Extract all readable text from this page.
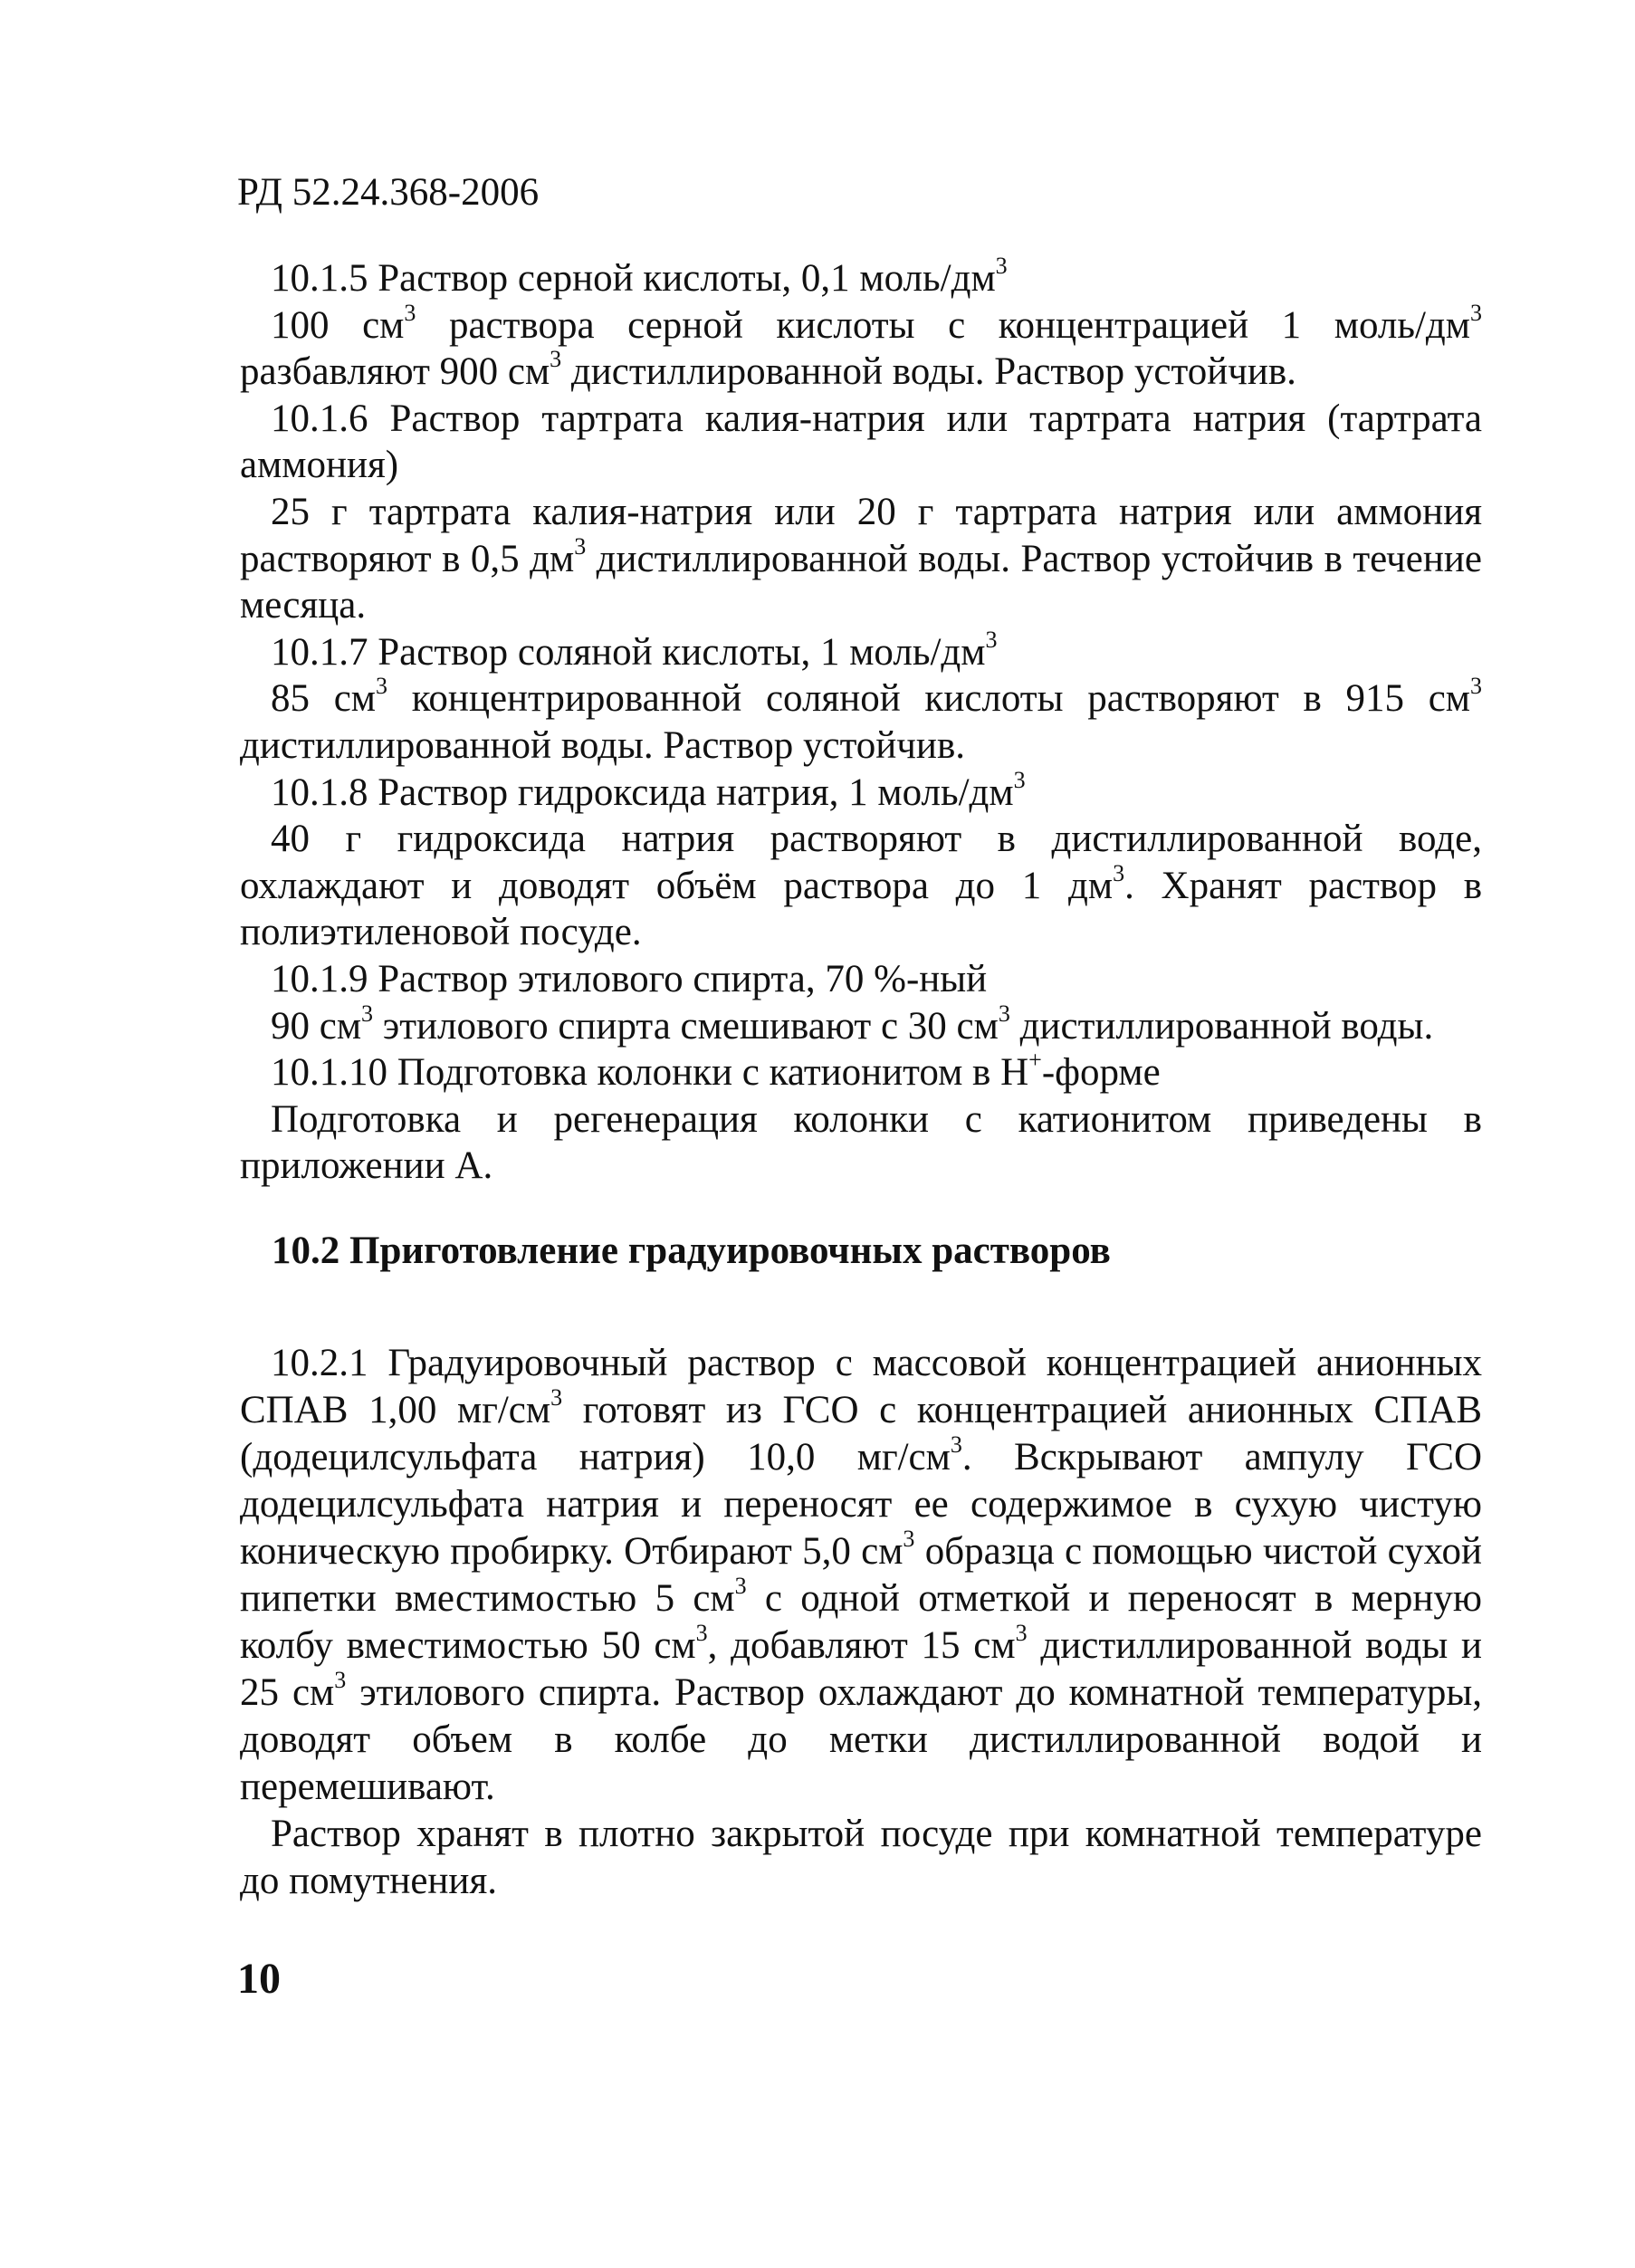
РД 52.24.368-2006

10.1.5 Раствор серной кислоты, 0,1 моль/$дм^3$

100 $см^3$ раствора серной кислоты с концентрацией 1 моль/$дм^3$ разбавляют 900 $см^3$ дистиллированной воды. Раствор устойчив.

10.1.6 Раствор тартрата калия-натрия или тартрата натрия (тартрата аммония)

25 г тартрата калия-натрия или 20 г тартрата натрия или аммония растворяют в 0,5 $дм^3$ дистиллированной воды. Раствор устойчив в течение месяца.

10.1.7 Раствор соляной кислоты, 1 моль/$дм^3$

85 $см^3$ концентрированной соляной кислоты растворяют в 915 $см^3$ дистиллированной воды. Раствор устойчив.

10.1.8 Раствор гидроксида натрия, 1 моль/$дм^3$

40 г гидроксида натрия растворяют в дистиллированной воде, охлаждают и доводят объём раствора до 1 $дм^3$. Хранят раствор в полиэтиленовой посуде.

10.1.9 Раствор этилового спирта, 70 %-ный

90 $см^3$ этилового спирта смешивают с 30 $см^3$ дистиллированной воды.

10.1.10 Подготовка колонки с катионитом в Н+-форме

Подготовка и регенерация колонки с катионитом приведены в приложении А.

10.2 Приготовление градуировочных растворов

10.2.1 Градуировочный раствор с массовой концентрацией анионных СПАВ 1,00 $мг/см^3$ готовят из ГСО с концентрацией анионных СПАВ (додецилсульфата натрия) 10,0 $мг/см^3$. Вскрывают ампулу ГСО додецилсульфата натрия и переносят ее содержимое в сухую чистую коническую пробирку. Отбирают 5,0 $см^3$ образца с помощью чистой сухой пипетки вместимостью 5 $см^3$ с одной отметкой и переносят в мерную колбу вместимостью 50 $см^3$, добавляют 15 $см^3$ дистиллированной воды и 25 $см^3$ этилового спирта. Раствор охлаждают до комнатной температуры, доводят объем в колбе до метки дистиллированной водой и перемешивают.

Раствор хранят в плотно закрытой посуде при комнатной температуре до помутнения.

10
